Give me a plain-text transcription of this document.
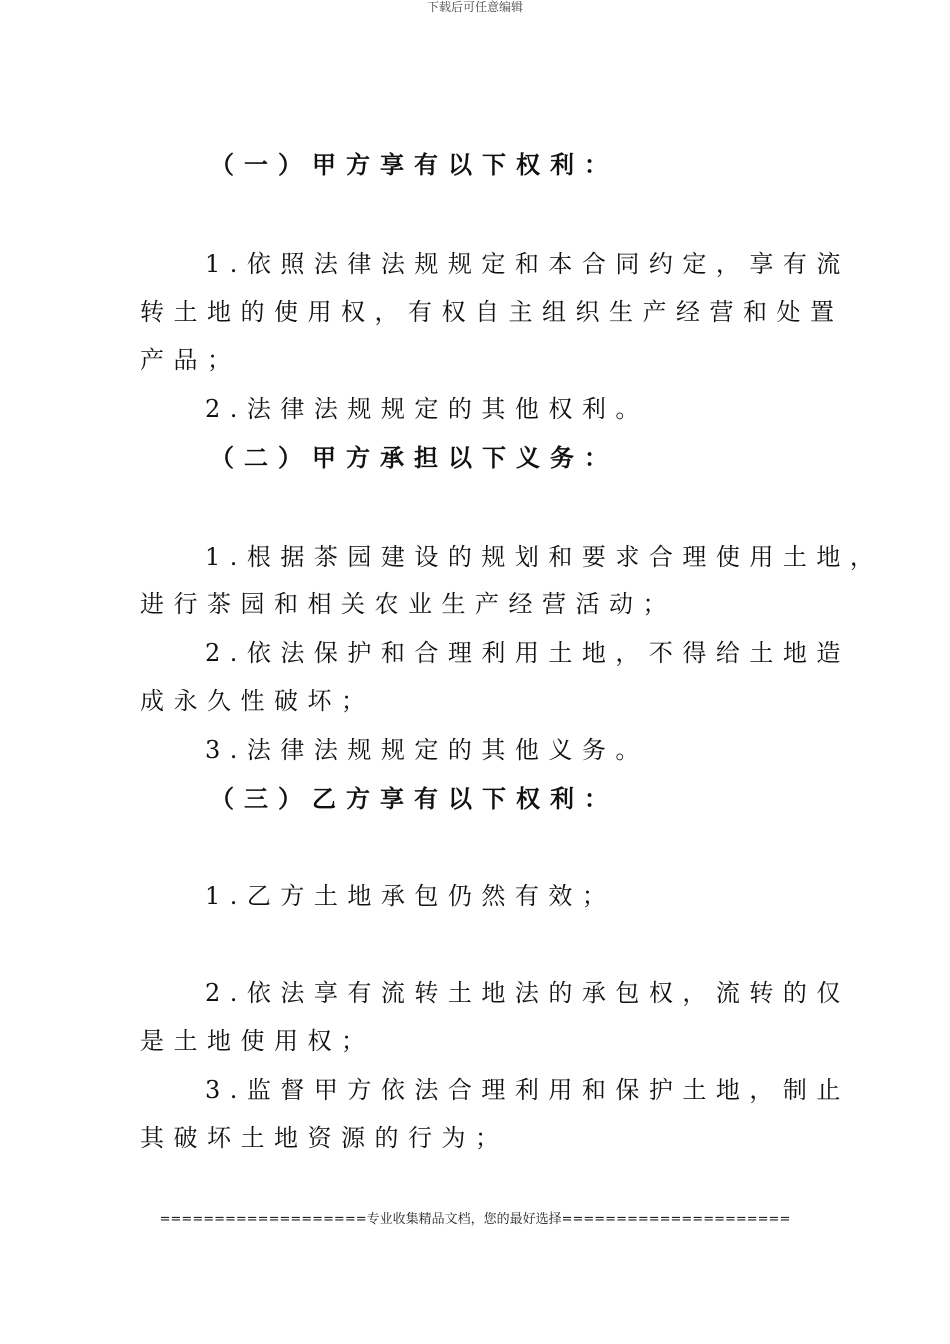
下载后可任意编辑
（一）甲方享有以下权利：
1.依照法律法规规定和本合同约定，享有流
转土地的使用权，有权自主组织生产经营和处置
产品；
2.法律法规规定的其他权利。
（二）甲方承担以下义务：
1.根据茶园建设的规划和要求合理使用土地，
进行茶园和相关农业生产经营活动；
2.依法保护和合理利用土地，不得给土地造
成永久性破坏；
3.法律法规规定的其他义务。
（三）乙方享有以下权利：
1.乙方土地承包仍然有效；
2.依法享有流转土地法的承包权，流转的仅
是土地使用权；
3.监督甲方依法合理利用和保护土地，制止
其破坏土地资源的行为；
===================专业收集精品文档，您的最好选择=====================
